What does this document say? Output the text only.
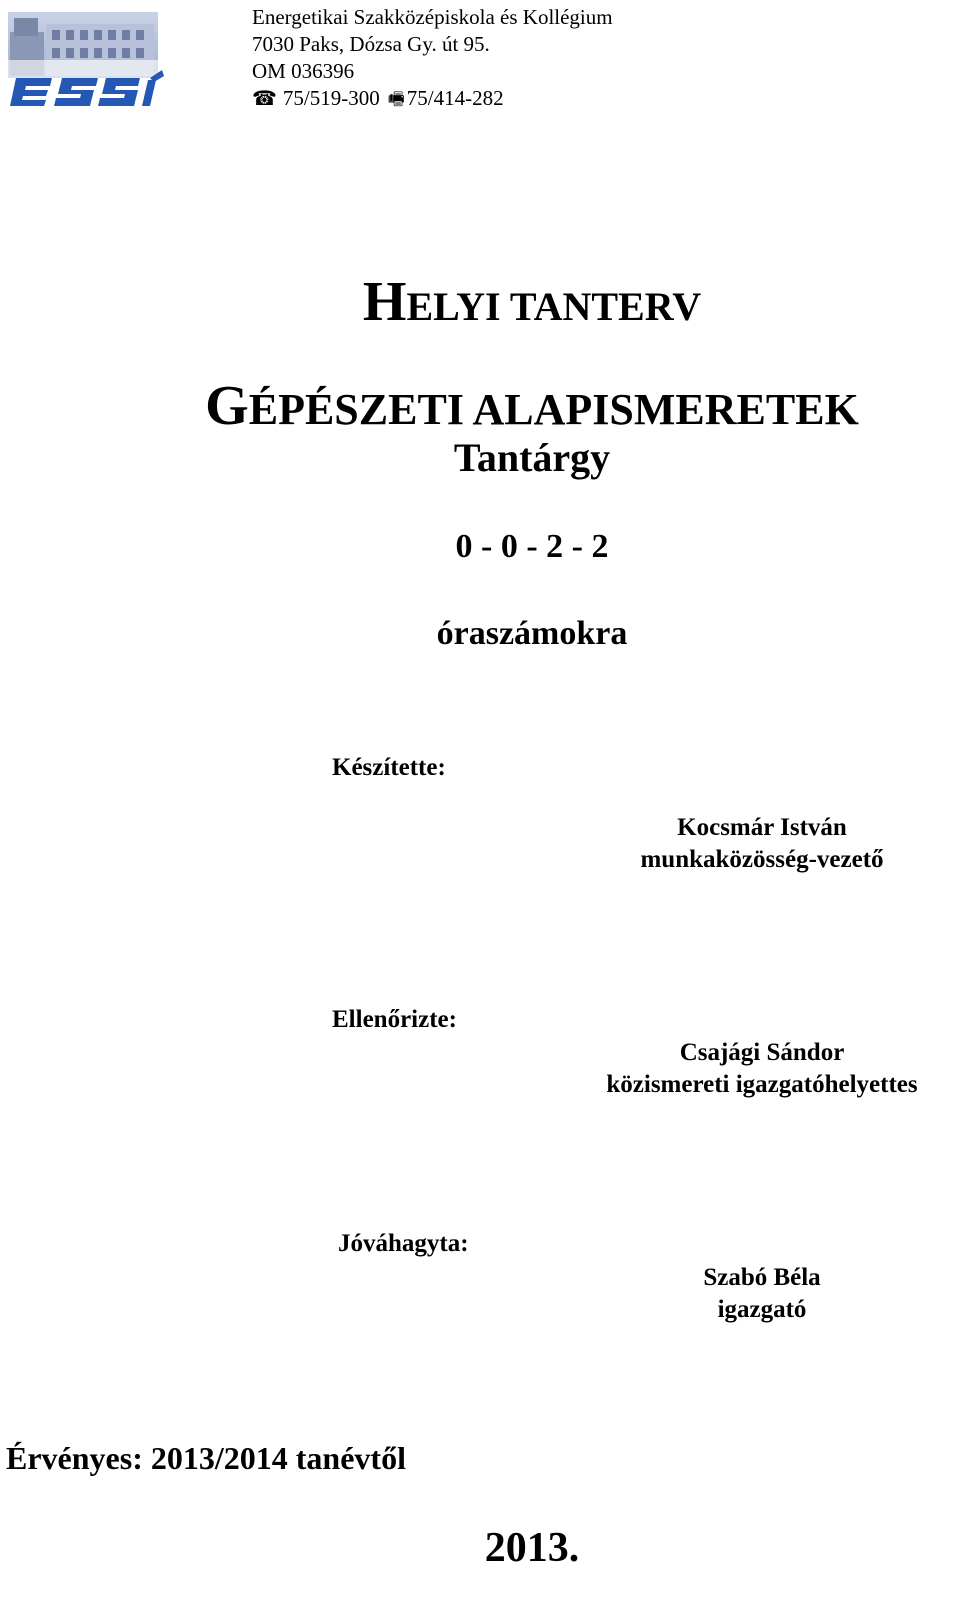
Energetikai Szakközépiskola és Kollégium
7030 Paks, Dózsa Gy. út 95.
OM 036396
☎ 75/519-300 🖷75/414-282
HELYI TANTERV
GÉPÉSZETI ALAPISMERETEK
Tantárgy
0 - 0 - 2 - 2
óraszámokra
Készítette:
Kocsmár István
munkaközösség-vezető
Ellenőrizte:
Csajági Sándor
közismereti igazgatóhelyettes
Jóváhagyta:
Szabó Béla
igazgató
Érvényes: 2013/2014 tanévtől
2013.
